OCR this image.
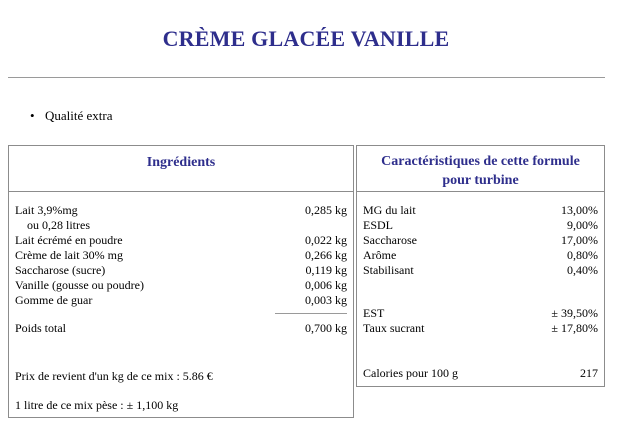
CRÈME GLACÉE VANILLE
• Qualité extra
Ingrédients
Lait 3,9%mg	0,285 kg
ou 0,28 litres
Lait écrémé en poudre	0,022 kg
Crème de lait 30% mg	0,266 kg
Saccharose (sucre)	0,119 kg
Vanille (gousse ou poudre)	0,006 kg
Gomme de guar	0,003 kg
Poids total	0,700 kg
Prix de revient d'un kg de ce mix : 5.86 €
1 litre de ce mix pèse : ± 1,100 kg
Caractéristiques de cette formule
pour turbine
MG du lait	13,00%
ESDL	9,00%
Saccharose	17,00%
Arôme	0,80%
Stabilisant	0,40%
EST	± 39,50%
Taux sucrant	± 17,80%
Calories pour 100 g	217
